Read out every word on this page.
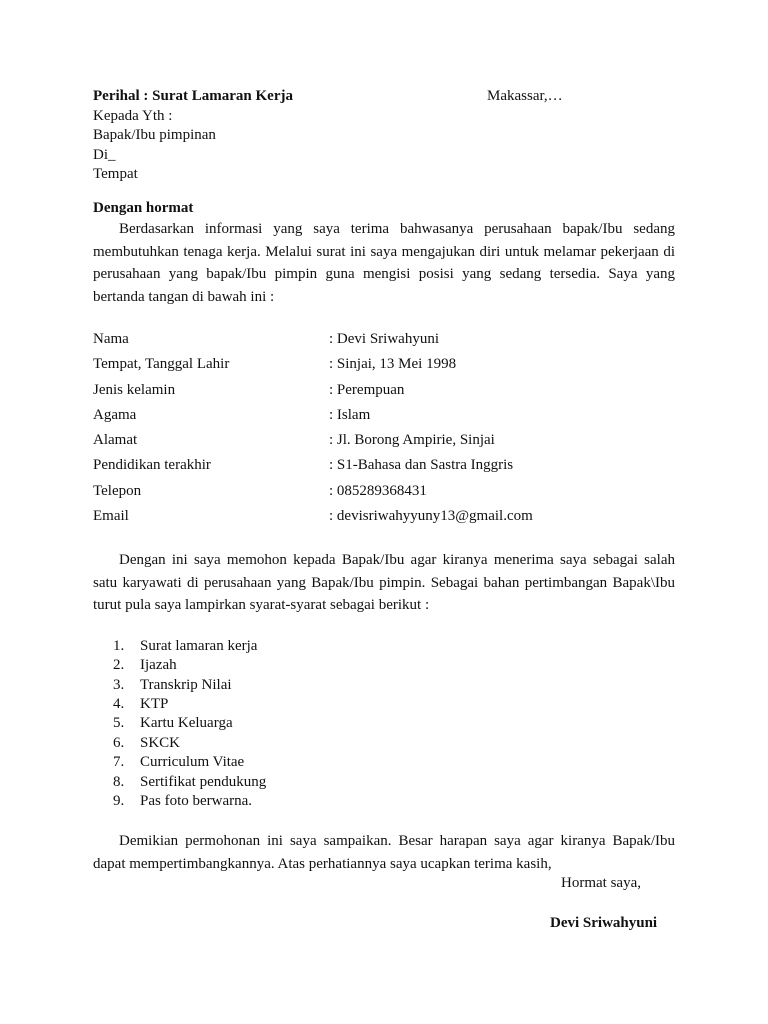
Perihal : Surat Lamaran Kerja	Makassar,…
Kepada Yth :
Bapak/Ibu pimpinan
Di_
Tempat
Dengan hormat

Berdasarkan informasi yang saya terima bahwasanya perusahaan bapak/Ibu sedang membutuhkan tenaga kerja. Melalui surat ini saya mengajukan diri untuk melamar pekerjaan di perusahaan yang bapak/Ibu pimpin guna mengisi posisi yang sedang tersedia. Saya yang bertanda tangan di bawah ini :

Nama	: Devi Sriwahyuni
Tempat, Tanggal Lahir	: Sinjai, 13 Mei 1998
Jenis kelamin	: Perempuan
Agama	: Islam
Alamat	: Jl. Borong Ampirie, Sinjai
Pendidikan terakhir	: S1-Bahasa dan Sastra Inggris
Telepon	: 085289368431
Email	: devisriwahyyuny13@gmail.com

Dengan ini saya memohon kepada Bapak/Ibu agar kiranya menerima saya sebagai salah satu karyawati di perusahaan yang Bapak/Ibu pimpin. Sebagai bahan pertimbangan Bapak\Ibu turut pula saya lampirkan syarat-syarat sebagai berikut :

1. Surat lamaran kerja
2. Ijazah
3. Transkrip Nilai
4. KTP
5. Kartu Keluarga
6. SKCK
7. Curriculum Vitae
8. Sertifikat pendukung
9. Pas foto berwarna.

Demikian permohonan ini saya sampaikan. Besar harapan saya agar kiranya Bapak/Ibu dapat mempertimbangkannya. Atas perhatiannya saya ucapkan terima kasih,

Hormat saya,
Devi Sriwahyuni
